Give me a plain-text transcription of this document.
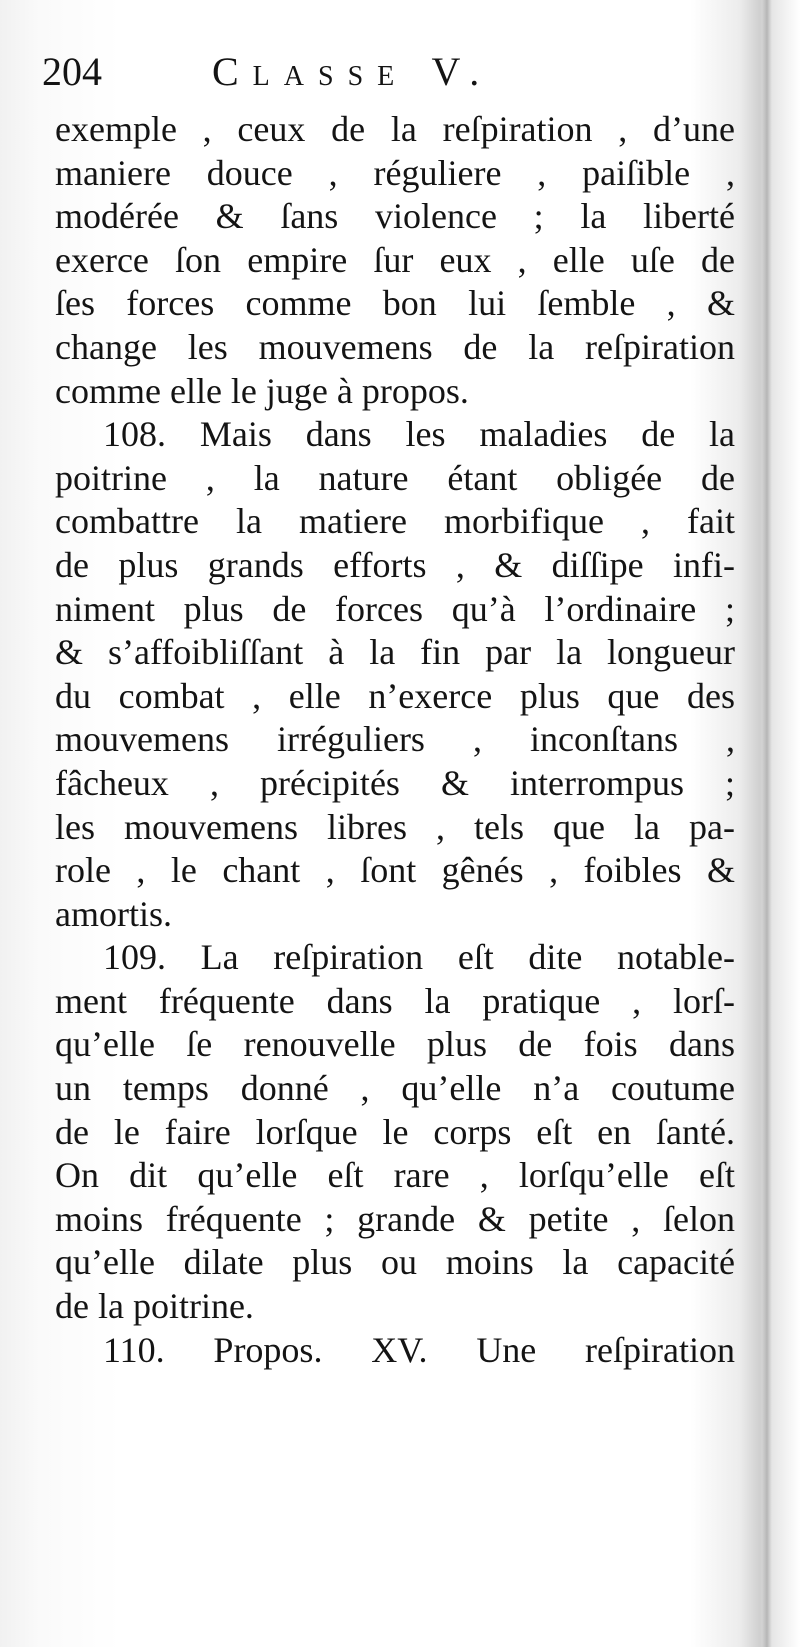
204	Classe V.
exemple , ceux de la reſpiration , d’une
maniere douce , réguliere , paiſible ,
modérée & ſans violence ; la liberté
exerce ſon empire ſur eux , elle uſe de
ſes forces comme bon lui ſemble , &
change les mouvemens de la reſpiration
comme elle le juge à propos.
108. Mais dans les maladies de la
poitrine , la nature étant obligée de
combattre la matiere morbifique , fait
de plus grands efforts , & diſſipe infi-
niment plus de forces qu’à l’ordinaire ;
& s’affoibliſſant à la fin par la longueur
du combat , elle n’exerce plus que des
mouvemens irréguliers , inconſtans ,
fâcheux , précipités & interrompus ;
les mouvemens libres , tels que la pa-
role , le chant , ſont gênés , foibles &
amortis.
109. La reſpiration eſt dite notable-
ment fréquente dans la pratique , lorſ-
qu’elle ſe renouvelle plus de fois dans
un temps donné , qu’elle n’a coutume
de le faire lorſque le corps eſt en ſanté.
On dit qu’elle eſt rare , lorſqu’elle eſt
moins fréquente ; grande & petite , ſelon
qu’elle dilate plus ou moins la capacité
de la poitrine.
110. Propos. XV. Une reſpiration
